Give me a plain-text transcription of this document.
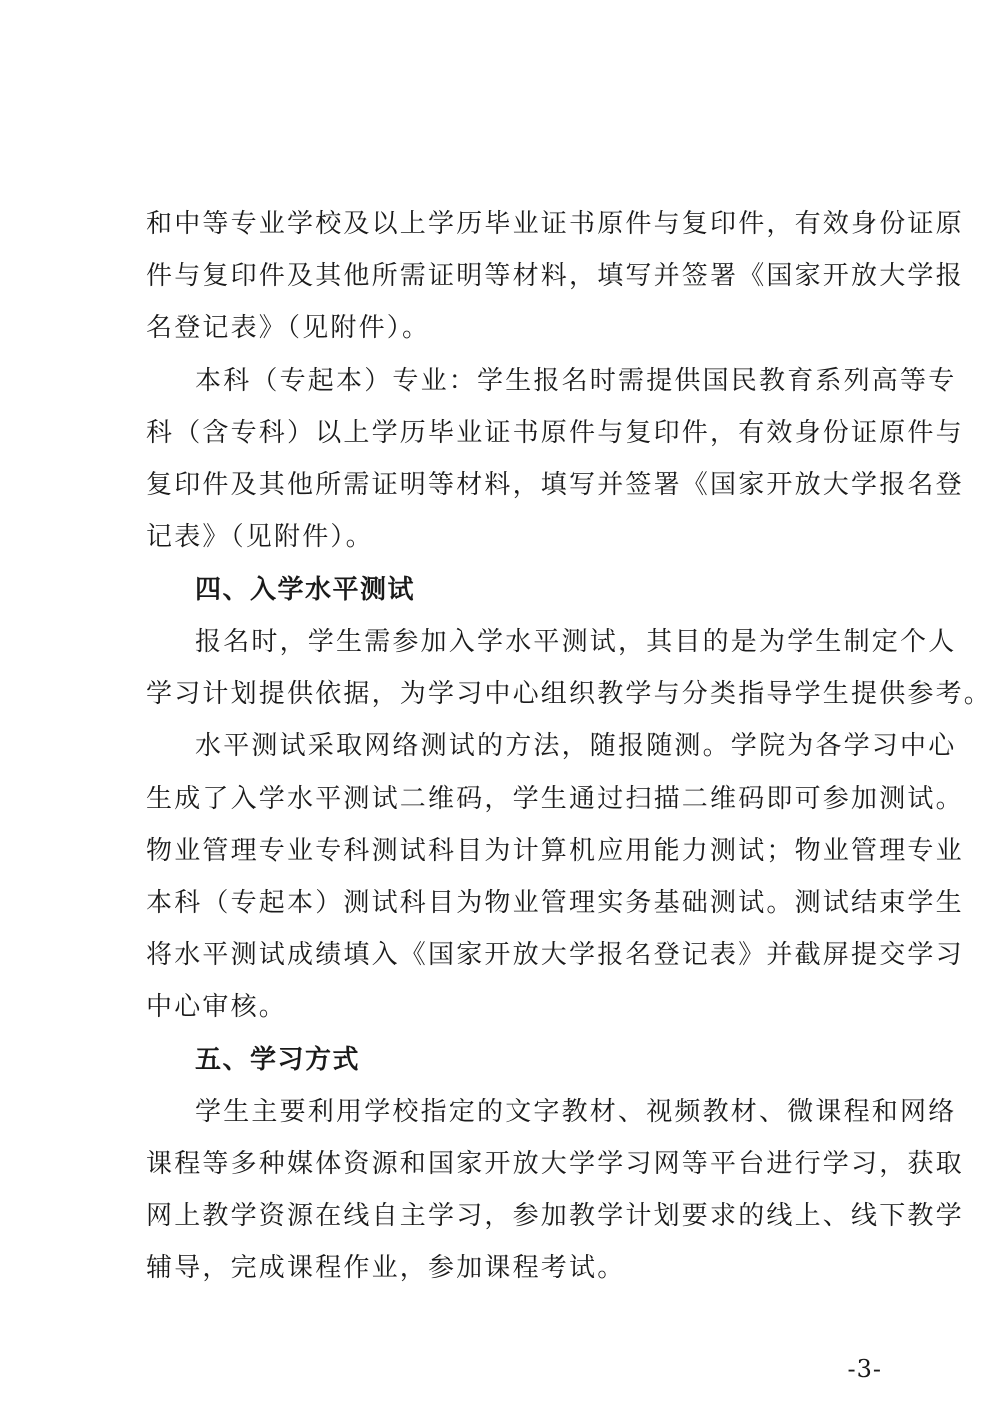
和中等专业学校及以上学历毕业证书原件与复印件，有效身份证原
件与复印件及其他所需证明等材料，填写并签署《国家开放大学报
名登记表》（见附件）。
本科（专起本）专业：学生报名时需提供国民教育系列高等专
科（含专科）以上学历毕业证书原件与复印件，有效身份证原件与
复印件及其他所需证明等材料，填写并签署《国家开放大学报名登
记表》（见附件）。
四、入学水平测试
报名时，学生需参加入学水平测试，其目的是为学生制定个人
学习计划提供依据，为学习中心组织教学与分类指导学生提供参考。
水平测试采取网络测试的方法，随报随测。学院为各学习中心
生成了入学水平测试二维码，学生通过扫描二维码即可参加测试。
物业管理专业专科测试科目为计算机应用能力测试；物业管理专业
本科（专起本）测试科目为物业管理实务基础测试。测试结束学生
将水平测试成绩填入《国家开放大学报名登记表》并截屏提交学习
中心审核。
五、学习方式
学生主要利用学校指定的文字教材、视频教材、微课程和网络
课程等多种媒体资源和国家开放大学学习网等平台进行学习，获取
网上教学资源在线自主学习，参加教学计划要求的线上、线下教学
辅导，完成课程作业，参加课程考试。
-3-
